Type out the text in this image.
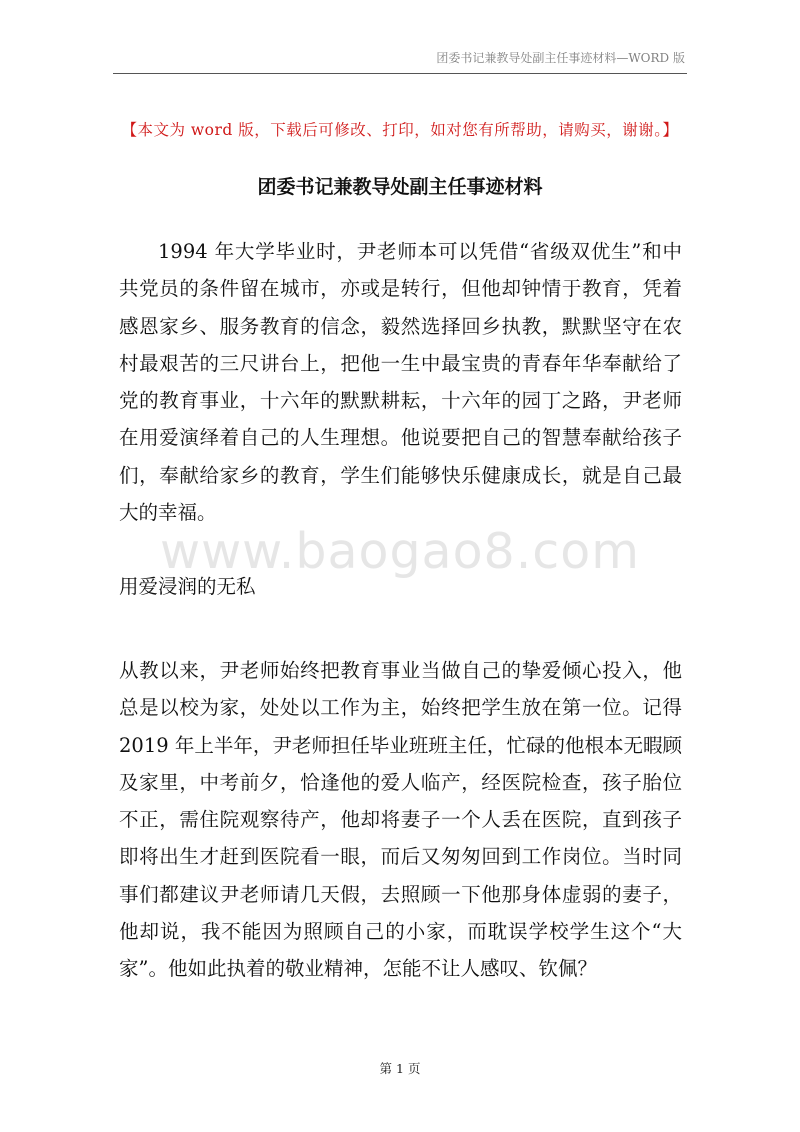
团委书记兼教导处副主任事迹材料—WORD 版
【本文为 word 版，下载后可修改、打印，如对您有所帮助，请购买，谢谢。】
团委书记兼教导处副主任事迹材料

1994 年大学毕业时，尹老师本可以凭借“省级双优生”和中共党员的条件留在城市，亦或是转行，但他却钟情于教育，凭着感恩家乡、服务教育的信念，毅然选择回乡执教，默默坚守在农村最艰苦的三尺讲台上，把他一生中最宝贵的青春年华奉献给了党的教育事业，十六年的默默耕耘，十六年的园丁之路，尹老师在用爱演绎着自己的人生理想。他说要把自己的智慧奉献给孩子们，奉献给家乡的教育，学生们能够快乐健康成长，就是自己最大的幸福。

www.baogao8.com

用爱浸润的无私

从教以来，尹老师始终把教育事业当做自己的挚爱倾心投入，他总是以校为家，处处以工作为主，始终把学生放在第一位。记得 2019 年上半年，尹老师担任毕业班班主任，忙碌的他根本无暇顾及家里，中考前夕，恰逢他的爱人临产，经医院检查，孩子胎位不正，需住院观察待产，他却将妻子一个人丢在医院，直到孩子即将出生才赶到医院看一眼，而后又匆匆回到工作岗位。当时同事们都建议尹老师请几天假，去照顾一下他那身体虚弱的妻子，他却说，我不能因为照顾自己的小家，而耽误学校学生这个“大家”。他如此执着的敬业精神，怎能不让人感叹、钦佩？

第 1 页
